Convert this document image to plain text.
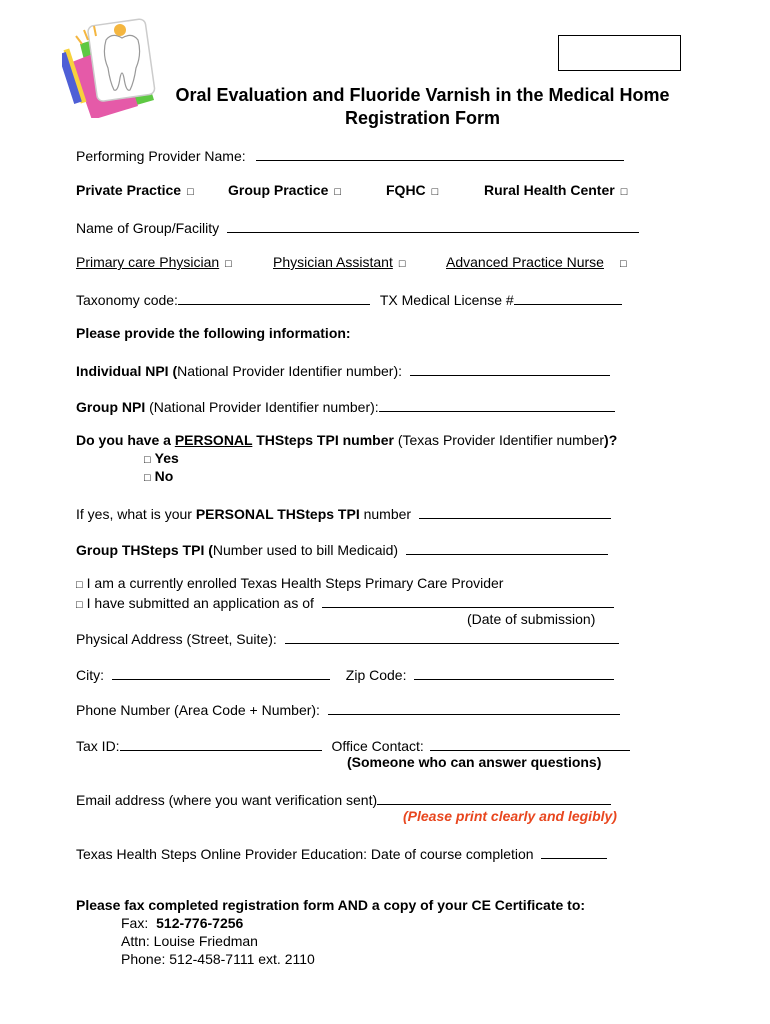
Oral Evaluation and Fluoride Varnish in the Medical Home
Registration Form
Performing Provider Name:
Private Practice □ Group Practice □	FQHC □	Rural Health Center □
Name of Group/Facility
Primary care Physician □	Physician Assistant □	Advanced Practice Nurse □
Taxonomy code:	TX Medical License #
Please provide the following information:
Individual NPI (National Provider Identifier number):
Group NPI (National Provider Identifier number):
Do you have a PERSONAL THSteps TPI number (Texas Provider Identifier number)?
□ Yes
□ No
If yes, what is your PERSONAL THSteps TPI number
Group THSteps TPI (Number used to bill Medicaid)
□ I am a currently enrolled Texas Health Steps Primary Care Provider
□ I have submitted an application as of
(Date of submission)
Physical Address (Street, Suite):
City:	Zip Code:
Phone Number (Area Code + Number):
Tax ID:	Office Contact:
(Someone who can answer questions)
Email address (where you want verification sent)
(Please print clearly and legibly)
Texas Health Steps Online Provider Education: Date of course completion
Please fax completed registration form AND a copy of your CE Certificate to:
Fax: 512-776-7256
Attn: Louise Friedman
Phone: 512-458-7111 ext. 2110
